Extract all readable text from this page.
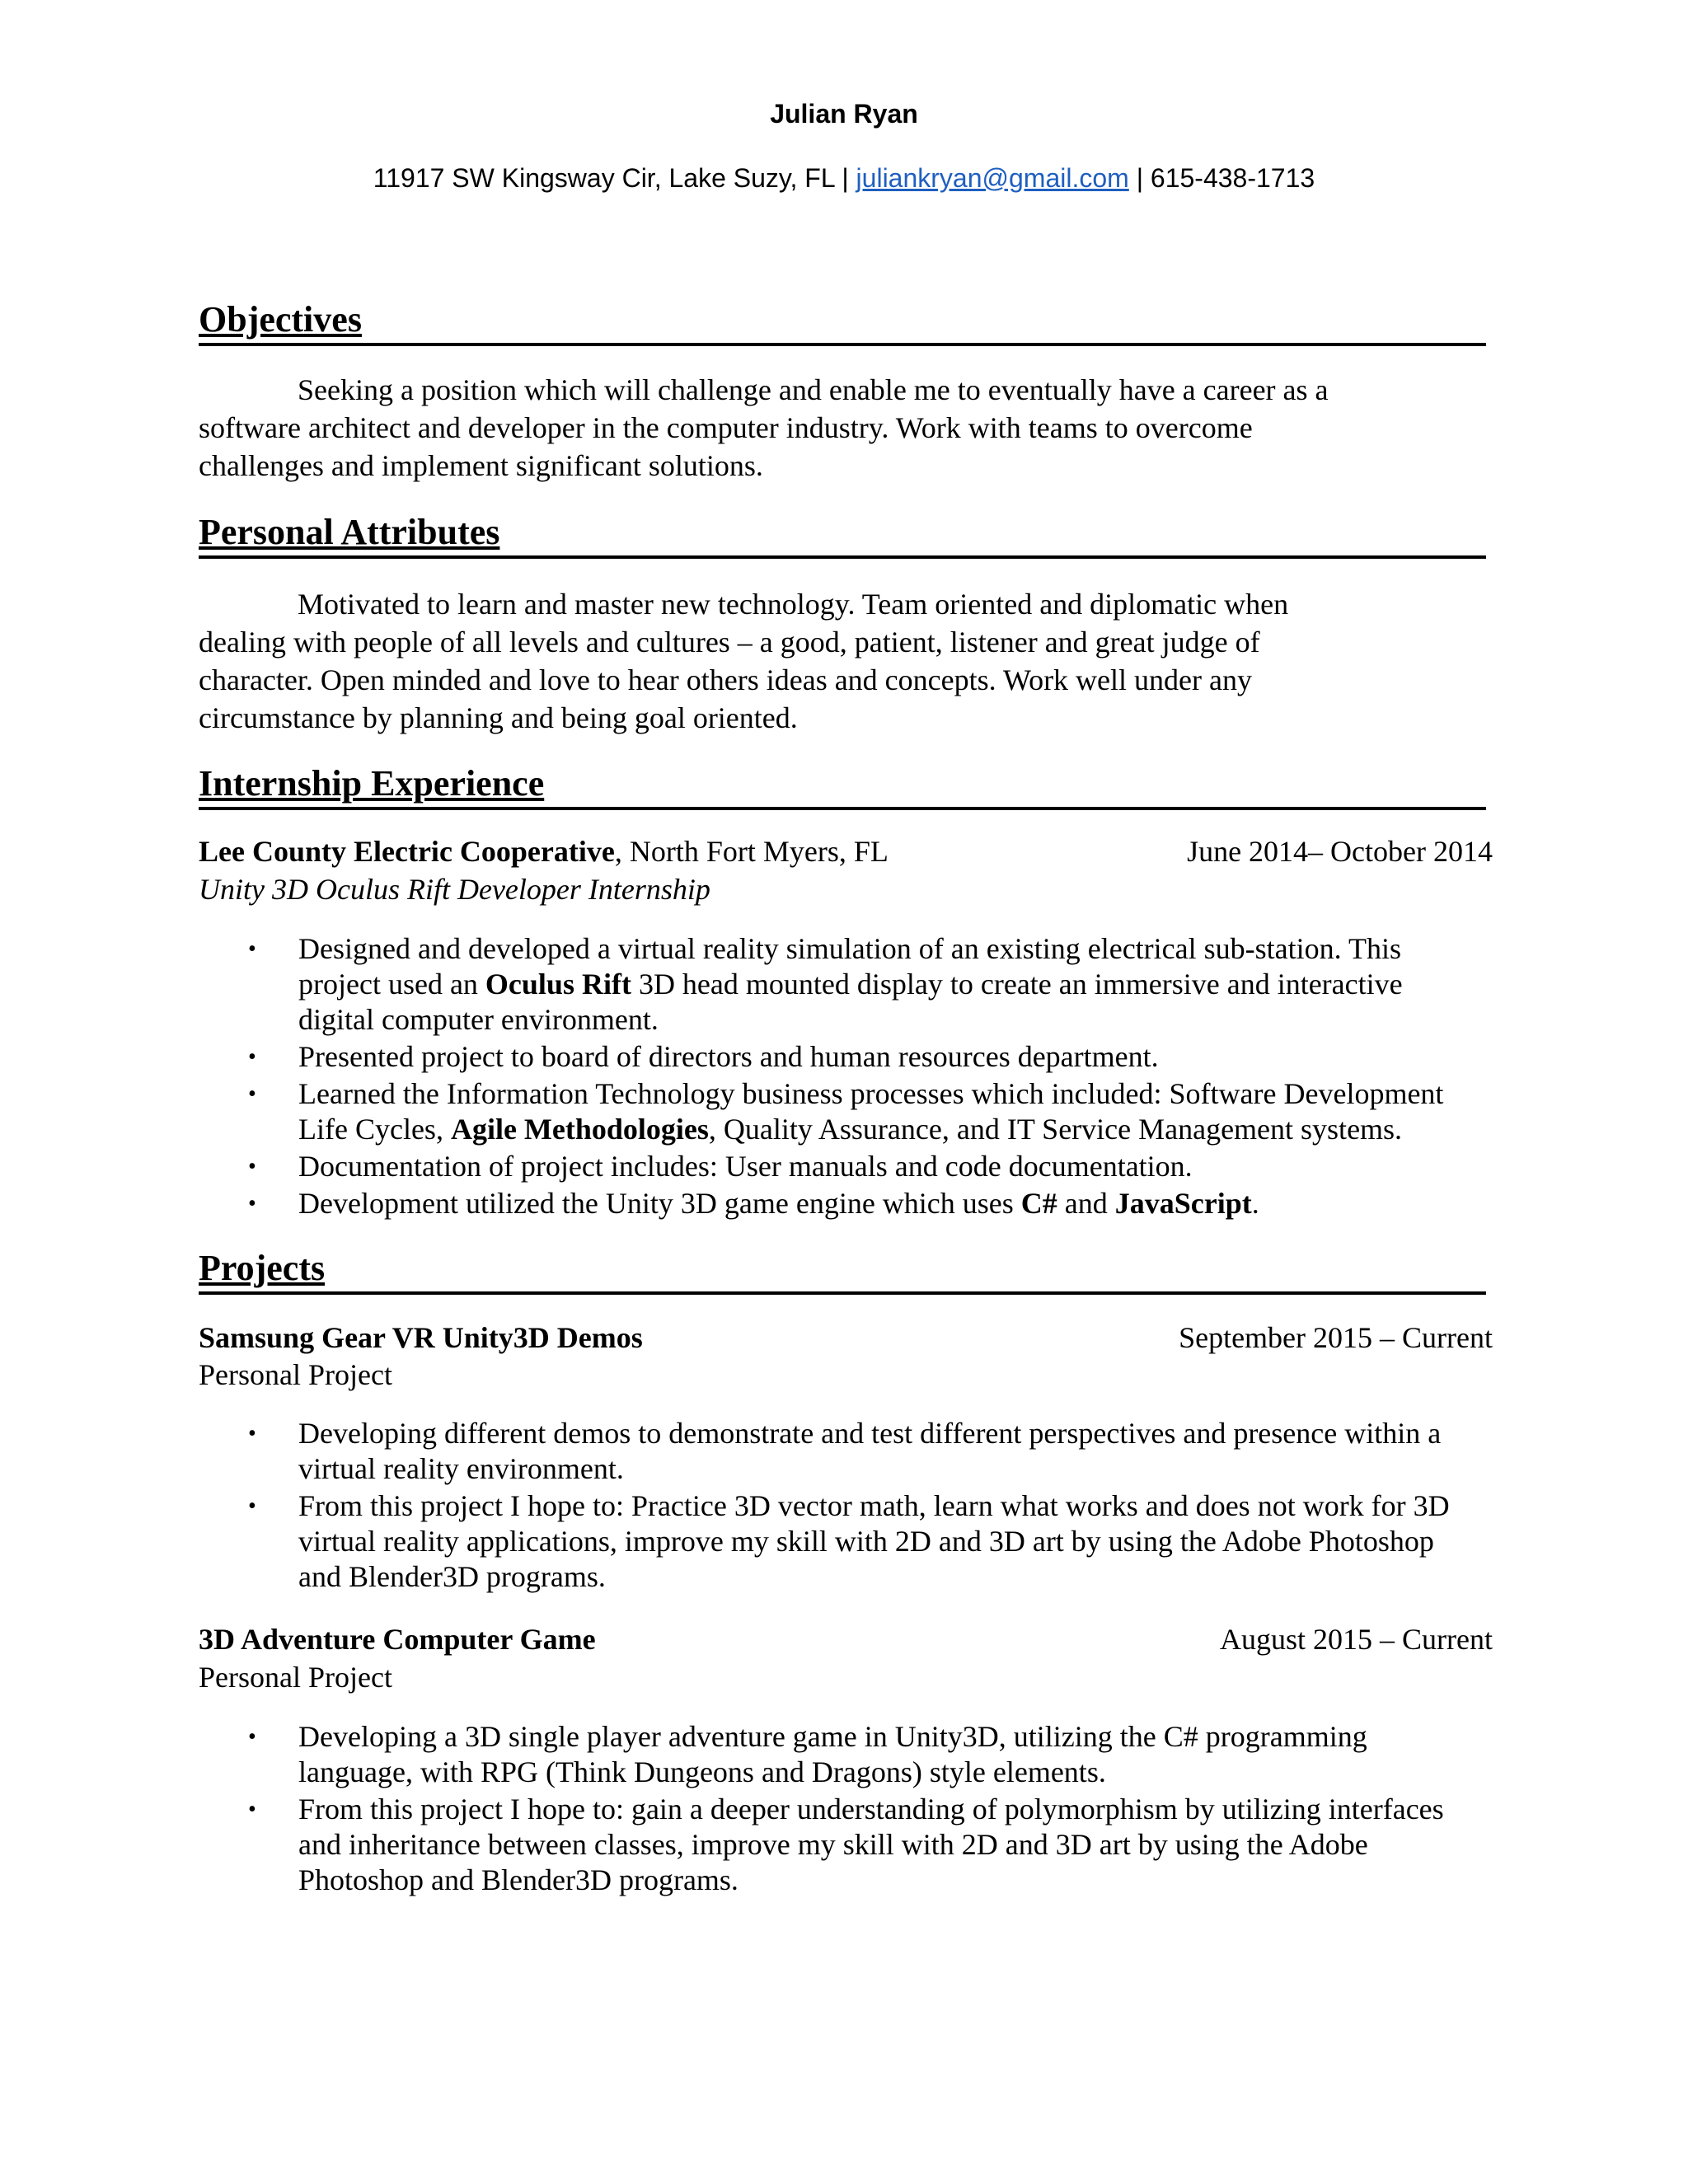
Julian Ryan
11917 SW Kingsway Cir, Lake Suzy, FL | juliankryan@gmail.com | 615-438-1713
Objectives
Seeking a position which will challenge and enable me to eventually have a career as a
software architect and developer in the computer industry. Work with teams to overcome
challenges and implement significant solutions.
Personal Attributes
Motivated to learn and master new technology. Team oriented and diplomatic when
dealing with people of all levels and cultures – a good, patient, listener and great judge of
character. Open minded and love to hear others ideas and concepts. Work well under any
circumstance by planning and being goal oriented.
Internship Experience
Lee County Electric Cooperative, North Fort Myers, FL	June 2014– October 2014
Unity 3D Oculus Rift Developer Internship
• Designed and developed a virtual reality simulation of an existing electrical sub-station. This
project used an Oculus Rift 3D head mounted display to create an immersive and interactive
digital computer environment.
• Presented project to board of directors and human resources department.
• Learned the Information Technology business processes which included: Software Development
Life Cycles, Agile Methodologies, Quality Assurance, and IT Service Management systems.
• Documentation of project includes: User manuals and code documentation.
• Development utilized the Unity 3D game engine which uses C# and JavaScript.
Projects
Samsung Gear VR Unity3D Demos	September 2015 – Current
Personal Project
• Developing different demos to demonstrate and test different perspectives and presence within a
virtual reality environment.
• From this project I hope to: Practice 3D vector math, learn what works and does not work for 3D
virtual reality applications, improve my skill with 2D and 3D art by using the Adobe Photoshop
and Blender3D programs.
3D Adventure Computer Game	August 2015 – Current
Personal Project
• Developing a 3D single player adventure game in Unity3D, utilizing the C# programming
language, with RPG (Think Dungeons and Dragons) style elements.
• From this project I hope to: gain a deeper understanding of polymorphism by utilizing interfaces
and inheritance between classes, improve my skill with 2D and 3D art by using the Adobe
Photoshop and Blender3D programs.
